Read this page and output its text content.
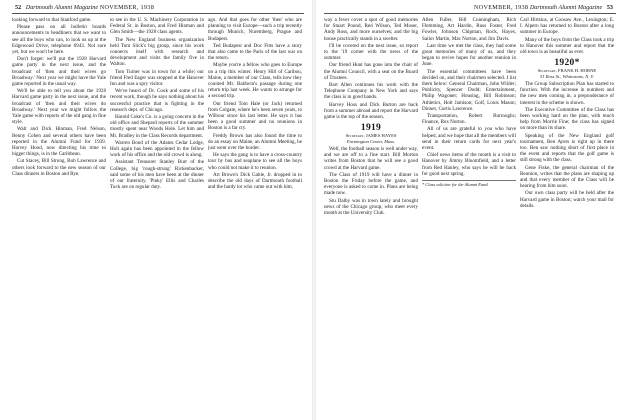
52 Dartmouth Alumni Magazine NOVEMBER, 1938

looking forward to that Stanford game.

Please pass on all bulletin boards announcements to headliners that we want to see all the boys who can, to look us up at the Edgewood Drive, telephone 6943. Not sure yet, but we won't be here.

Don't forget: we'll put the 1928 Harvard game party in the next issue, and the broadcast of 'then and their wives go Broadway.' Next year we might have the Yale game reported in the usual way.

We'll be able to tell you about the 1928 Harvard game party in the next issue, and the broadcast of 'then and their wives do Broadway.' Next year we might follow the Yale game with reports of the old gang in fine style.

Walt and Dick Hinman, Fred Nelson, Benny Cohen and several others have been reported in the Alumni Fund for 1939. Harvey Hood, now directing his time to bigger things, is in the Caribbean.

Cut Stacey, Bill Strong, Bob Lawrence and others look forward to the new season of our Class dinners in Boston and Rye.

to see in the U. S. Machinery Corporation in Federal St. in Boston, and Fred Hinman and Glen Smith—the 1928 class agents.

The New England business organization held Tom Slick's big group, since his work connects itself with research and development and visits the family five in Walton.

Tom Turner was in town for a while; our friend Fred Eager was stopped at the Hanover Inn and was a spry visitor.

We've heard of Dr. Cook and some of his recent work, though he says nothing about his successful practice that is fighting in the research dept. of Chicago.

Harold Coke's Co. is a going concern in the old office and Shepard reports of the summer mostly spent near Woods Hole. Let him and Mr. Bradley in the Class Records department.

Warren Bond of the Adams Cedar Lodge, Holt again has been appointed in the fellow work of his office and the old crowd is along.

Assistant Treasurer Stanley Burr of the College, big 'rough-strung' Rickenbacker, said some of his men have been at the dinner of our fraternity. 'Pinky' Ellis and Charles Tuck are on regular duty.

ago. And that goes for other 'then' who are planning to visit Europe—such a trip recently through Munich, Nuremberg, Prague and Budapest.

Ted Budapest and Doc Fitts have a story that also came to the Paris of the last war on the return.

Maybe you're a fellow who goes to Europe on a trip this winter. Henry Hill of Caribou, Maine, a member of our Class, tells how they counted Mr. Baldwin's passage during one return trip last week. He wants to arrange for a second trip.

Our friend Tom Hale (or Jack) returned from Colgate, where he's been seven years, to Wilbour since his last letter. He says it has been a good summer and no reunions in Boston is a far cry.

Freddy Brown has also found the time to do an essay on Maine, an Alumni Meeting, he just went over the border.

He says the gang is to have a cross-country tour by bus and seaplane to see all the boys who could not make it to reunion.

Art Brown's Dick Gable, Jr. dropped in to describe the old days of Dartmouth football and the hardy lot who came out with him.

NOVEMBER, 1938 Dartmouth Alumni Magazine 53

way a fever cover a spot of good memories for Stuart Pound, Red Wilson, Ted Moser, Andy Ross, and more ourselves; and the big house practically stands in a swelter.

I'll be covered on the next issue, so report to the '19 corner with the news of the summer.

Our friend Hunt has gone into the chair of the Alumni Council, with a seat on the Board of Trustees.

Bart Allen continues his work with the Telephone Company in New York and says the class is in good hands.

Harvey Hoss and Dick Burton are back from a summer abroad and report the Harvard game is the top of the season.

1919
Secretary, JAMES HAYES
Farmington Center, Mass.

Well, the football season is well under way, and we are off to a fine start. Bill Morton writes from Boston that he will see a good crowd at the Harvard game.

The Class of 1919 will have a dinner in Boston the Friday before the game, and everyone is asked to come in. Plans are being made now.

Stu Dalby was in town lately and brought news of the Chicago group, who meet every month at the University Club.

Allen Fuller, Bill Cunningham, Rich Flemming, Art Hardin, Russ Foster, Fred Fowler, Johnson Chipman, Rock, Hayes, Sailor Martin, Mac Norton, and Jim Davis.

Last time we met the class, they had some great memories of many of us, and they began to revive hopes for another reunion in June.

The essential committees have been decided on, and their chairmen selected. I list them below: General Chairman, John Wilder; Publicity, Spencer Dodd; Entertainment, Philip Wagoner; Housing, Bill Robinson; Athletics, Holt Jamison; Golf, Louis Mason; Dinner, Curtis Lawrence.

Transportation, Robert Burroughs; Finance, Rex Norton.

All of us are grateful to you who have helped, and we hope that all the members will send in their return cards for next year's event.

Chief news items of the month is a visit to Hanover by Jimmy Bloomfield, and a letter from Red Hanley, who says he will be back for good next spring.

* Class solicitor for the Alumni Fund.

Carl Hirtsius, at Coosaw Ave., Lexington; E. I. Alpern has returned to Boston after a long summer in Europe.

Many of the boys from the Class took a trip to Hanover this summer and report that the old town is as beautiful as ever.

1920*
Secretary, FRANK H. HORNE
51 Ross St., Whitestone, N. Y.

The Group Subscription Plan has started to function. With the increase in numbers and the new men coming in, a preponderance of interest in the scheme is shown.

The Executive Committee of the Class has been working hard on the plan, with much help from Morrie Fine; the class has signed on more than its share.

Speaking of the New England golf tournament, Ben Ayers is right up in there too. Ben saw nothing short of first place in the event and reports that the golf game is still strong with the class.

Gene Fiske, the general chairman of the Reunion, writes that the plans are shaping up and that every member of the Class will be hearing from him soon.

Our own class party will be held after the Harvard game in Boston; watch your mail for details.
